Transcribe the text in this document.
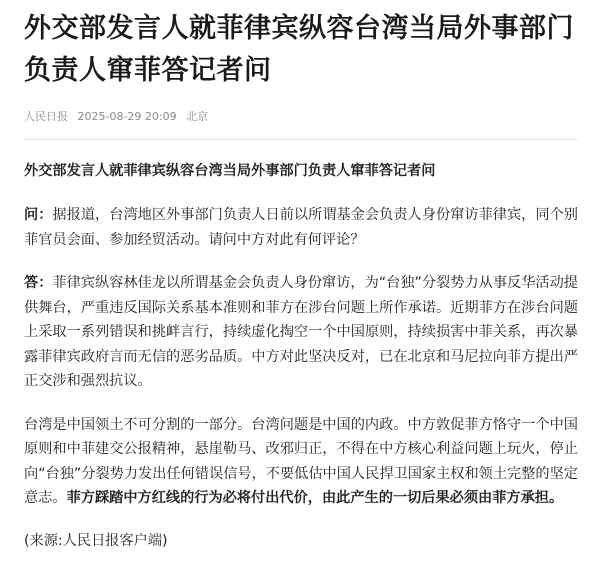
外交部发言人就菲律宾纵容台湾当局外事部门负责人窜菲答记者问
人民日报 2025-08-29 20:09 北京

外交部发言人就菲律宾纵容台湾当局外事部门负责人窜菲答记者问

问：据报道，台湾地区外事部门负责人日前以所谓基金会负责人身份窜访菲律宾，同个别菲官员会面、参加经贸活动。请问中方对此有何评论？

答：菲律宾纵容林佳龙以所谓基金会负责人身份窜访，为“台独”分裂势力从事反华活动提供舞台，严重违反国际关系基本准则和菲方在涉台问题上所作承诺。近期菲方在涉台问题上采取一系列错误和挑衅言行，持续虚化掏空一个中国原则，持续损害中菲关系，再次暴露菲律宾政府言而无信的恶劣品质。中方对此坚决反对，已在北京和马尼拉向菲方提出严正交涉和强烈抗议。

台湾是中国领土不可分割的一部分。台湾问题是中国的内政。中方敦促菲方恪守一个中国原则和中菲建交公报精神，悬崖勒马、改邪归正，不得在中方核心利益问题上玩火，停止向“台独”分裂势力发出任何错误信号，不要低估中国人民捍卫国家主权和领土完整的坚定意志。菲方踩踏中方红线的行为必将付出代价，由此产生的一切后果必须由菲方承担。

(来源:人民日报客户端)
